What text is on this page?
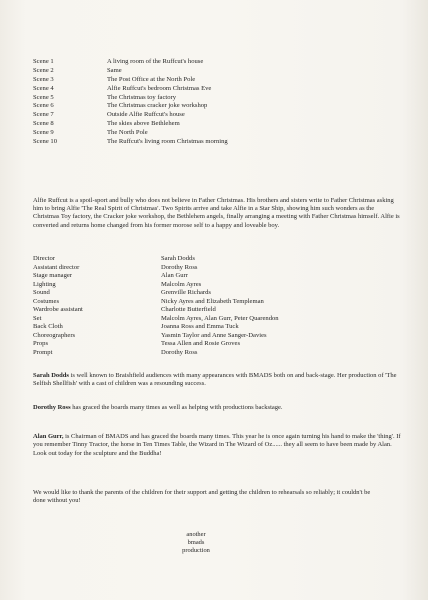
Scene 1	A living room of the Ruffcut's house
Scene 2	Same
Scene 3	The Post Office at the North Pole
Scene 4	Alfie Ruffcut's bedroom Christmas Eve
Scene 5	The Christmas toy factory
Scene 6	The Christmas cracker joke workshop
Scene 7	Outside Alfie Ruffcut's house
Scene 8	The skies above Bethlehem
Scene 9	The North Pole
Scene 10	The Ruffcut's living room Christmas morning
Alfie Ruffcut is a spoil-sport and bully who does not believe in Father Christmas. His brothers and sisters write to Father Christmas asking him to bring Alfie 'The Real Spirit of Christmas'. Two Spirits arrive and take Alfie in a Star Ship, showing him such wonders as the Christmas Toy factory, the Cracker joke workshop, the Bethlehem angels, finally arranging a meeting with Father Christmas himself. Alfie is converted and returns home changed from his former morose self to a happy and loveable boy.
Director	Sarah Dodds
Assistant director	Dorothy Ross
Stage manager	Alan Gurr
Lighting	Malcolm Ayres
Sound	Grenville Richards
Costumes	Nicky Ayres and Elizabeth Templeman
Wardrobe assistant	Charlotte Butterfield
Set	Malcolm Ayres, Alan Gurr, Peter Quarendon
Back Cloth	Joanna Ross and Emma Tuck
Choreographers	Yasmin Taylor and Anne Sanger-Davies
Props	Tessa Allen and Rosie Groves
Prompt	Dorothy Ross
Sarah Dodds is well known to Braishfield audiences with many appearances with BMADS both on and back-stage. Her production of 'The Selfish Shellfish' with a cast of children was a resounding success.
Dorothy Ross has graced the boards many times as well as helping with productions backstage.
Alan Gurr, is Chairman of BMADS and has graced the boards many times. This year he is once again turning his hand to make the 'thing'. If you remember Tinny Tractor, the horse in Ten Times Table, the Wizard in The Wizard of Oz...... they all seem to have been made by Alan. Look out today for the sculpture and the Buddha!
We would like to thank the parents of the children for their support and getting the children to rehearsals so reliably; it couldn't be done without you!
another
bmads
production
